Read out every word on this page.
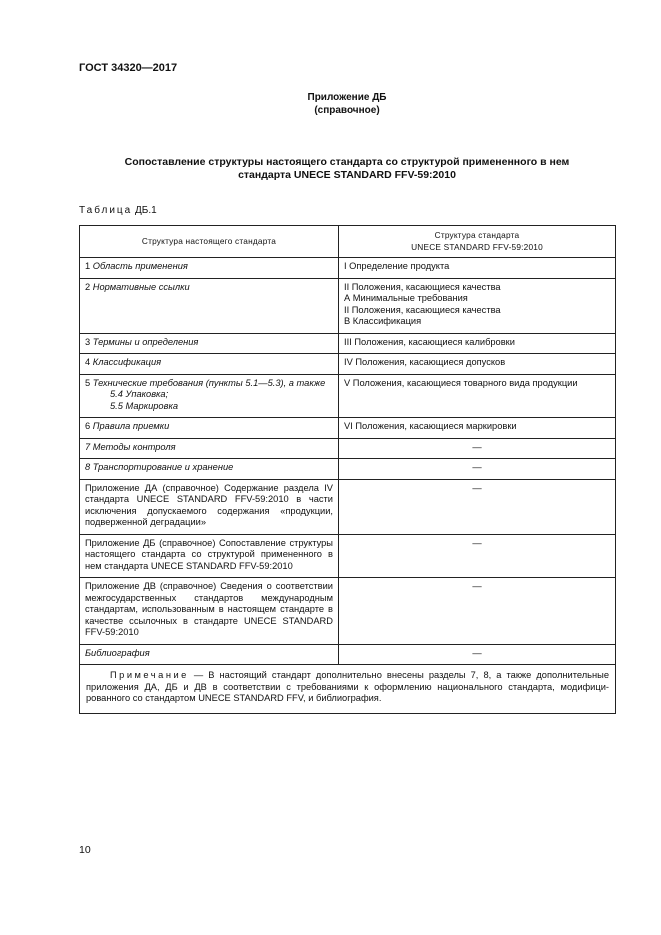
ГОСТ 34320—2017
Приложение ДБ
(справочное)
Сопоставление структуры настоящего стандарта со структурой примененного в нем
стандарта UNECE STANDARD FFV-59:2010
Таблица ДБ.1
Структура настоящего стандарта	Структура стандарта
UNECE STANDARD FFV-59:2010

1 Область применения	I Определение продукта

2 Нормативные ссылки	II Положения, касающиеся качества
А Минимальные требования
II Положения, касающиеся качества
В Классификация

3 Термины и определения	III Положения, касающиеся калибровки

4 Классификация	IV Положения, касающиеся допусков

5 Технические требования (пункты 5.1—5.3), а также
5.4 Упаковка;
5.5 Маркировка	V Положения, касающиеся товарного вида продукции

6 Правила приемки	VI Положения, касающиеся маркировки

7 Методы контроля	—
8 Транспортирование и хранение	—
Приложение ДА (справочное) Содержание раздела IV стандарта UNECE STANDARD FFV-59:2010 в части исключения допускаемого содержания «продукции, подверженной деградации»	—
Приложение ДБ (справочное) Сопоставление структуры настоящего стандарта со структурой примененного в нем стандарта UNECE STANDARD FFV-59:2010	—
Приложение ДВ (справочное) Сведения о соответствии межгосударственных стандартов международным стандартам, использованным в настоящем стандарте в качестве ссылочных в стандарте UNECE STANDARD FFV-59:2010	—
Библиография	—
Примечание — В настоящий стандарт дополнительно внесены разделы 7, 8, а также дополнительные приложения ДА, ДБ и ДВ в соответствии с требованиями к оформлению национального стандарта, модифицированного со стандартом UNECE STANDARD FFV, и библиография.	
10
